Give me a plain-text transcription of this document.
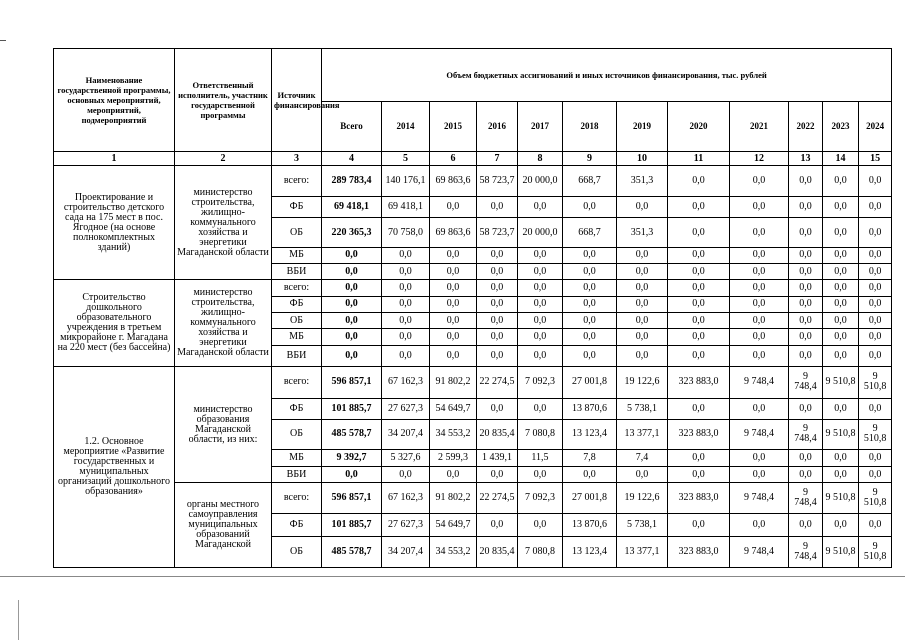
Наименование государственной программы, основных мероприятий, мероприятий, подмероприятий	Ответственный исполнитель, участник государственной программы	Источник финансирования	Объем бюджетных ассигнований и иных источников финансирования, тыс. рублей											
			Всего	2014	2015	2016	2017	2018	2019	2020	2021	2022	2023	2024
1	2	3	4	5	6	7	8	9	10	11	12	13	14	15
Проектирование и строительство детского сада на 175 мест в пос. Ягодное (на основе полнокомплектных зданий)	министерство строительства, жилищно-коммунального хозяйства и энергетики Магаданской области	всего:	289 783,4	140 176,1	69 863,6	58 723,7	20 000,0	668,7	351,3	0,0	0,0	0,0	0,0	0,0
		ФБ	69 418,1	69 418,1	0,0	0,0	0,0	0,0	0,0	0,0	0,0	0,0	0,0	0,0
		ОБ	220 365,3	70 758,0	69 863,6	58 723,7	20 000,0	668,7	351,3	0,0	0,0	0,0	0,0	0,0
		МБ	0,0	0,0	0,0	0,0	0,0	0,0	0,0	0,0	0,0	0,0	0,0	0,0
		ВБИ	0,0	0,0	0,0	0,0	0,0	0,0	0,0	0,0	0,0	0,0	0,0	0,0
Строительство дошкольного образовательного учреждения в третьем микрорайоне г. Магадана на 220 мест (без бассейна)	министерство строительства, жилищно-коммунального хозяйства и энергетики Магаданской области	всего:	0,0	0,0	0,0	0,0	0,0	0,0	0,0	0,0	0,0	0,0	0,0	0,0
		ФБ	0,0	0,0	0,0	0,0	0,0	0,0	0,0	0,0	0,0	0,0	0,0	0,0
		ОБ	0,0	0,0	0,0	0,0	0,0	0,0	0,0	0,0	0,0	0,0	0,0	0,0
		МБ	0,0	0,0	0,0	0,0	0,0	0,0	0,0	0,0	0,0	0,0	0,0	0,0
		ВБИ	0,0	0,0	0,0	0,0	0,0	0,0	0,0	0,0	0,0	0,0	0,0	0,0
1.2. Основное мероприятие «Развитие государственных и муниципальных организаций дошкольного образования»	министерство образования Магаданской области, из них:	всего:	596 857,1	67 162,3	91 802,2	22 274,5	7 092,3	27 001,8	19 122,6	323 883,0	9 748,4	9 748,4	9 510,8	9 510,8
		ФБ	101 885,7	27 627,3	54 649,7	0,0	0,0	13 870,6	5 738,1	0,0	0,0	0,0	0,0	0,0
		ОБ	485 578,7	34 207,4	34 553,2	20 835,4	7 080,8	13 123,4	13 377,1	323 883,0	9 748,4	9 748,4	9 510,8	9 510,8
		МБ	9 392,7	5 327,6	2 599,3	1 439,1	11,5	7,8	7,4	0,0	0,0	0,0	0,0	0,0
		ВБИ	0,0	0,0	0,0	0,0	0,0	0,0	0,0	0,0	0,0	0,0	0,0	0,0
	органы местного самоуправления муниципальных образований Магаданской	всего:	596 857,1	67 162,3	91 802,2	22 274,5	7 092,3	27 001,8	19 122,6	323 883,0	9 748,4	9 748,4	9 510,8	9 510,8
		ФБ	101 885,7	27 627,3	54 649,7	0,0	0,0	13 870,6	5 738,1	0,0	0,0	0,0	0,0	0,0
		ОБ	485 578,7	34 207,4	34 553,2	20 835,4	7 080,8	13 123,4	13 377,1	323 883,0	9 748,4	9 748,4	9 510,8	9 510,8
